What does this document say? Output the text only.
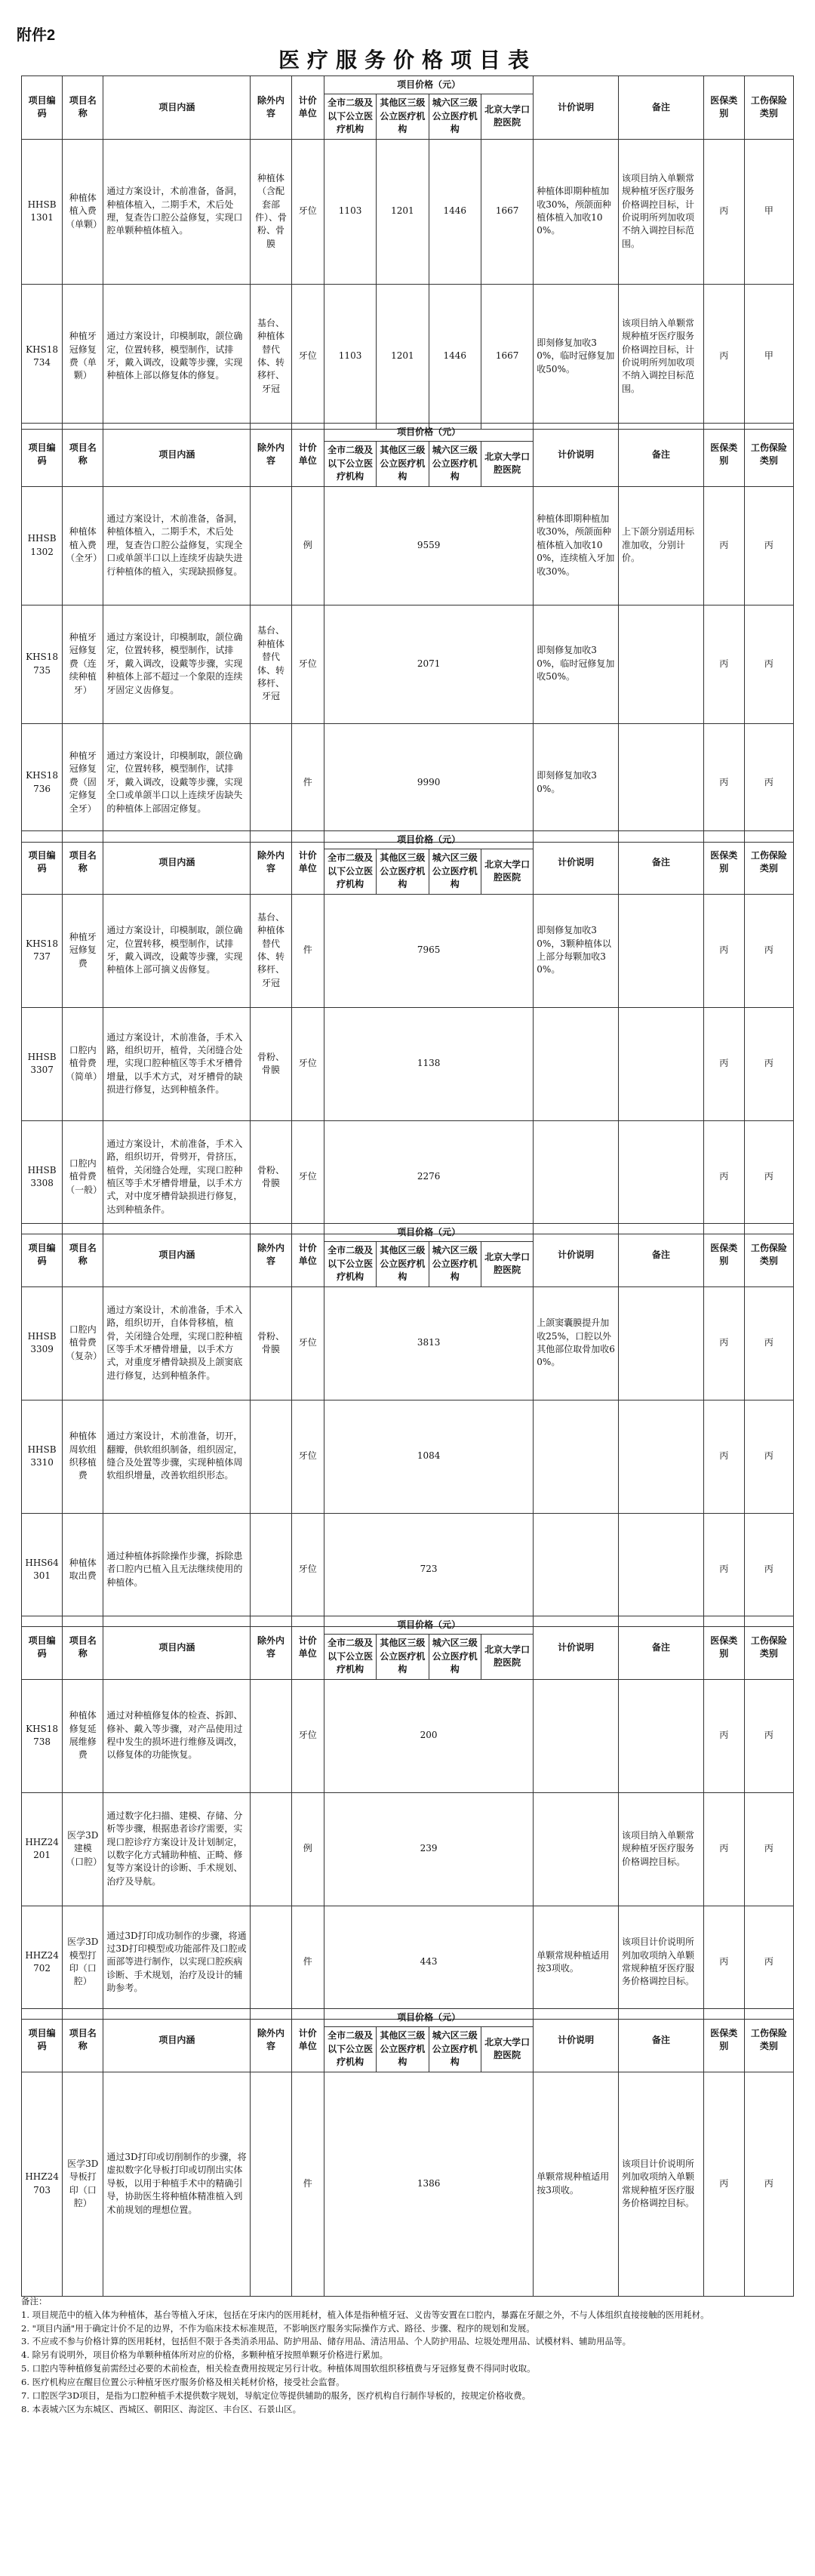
附件2
医疗服务价格项目表
项目编码	项目名称	项目内涵	除外内容	计价单位	项目价格（元）				计价说明	备注	医保类别	工伤保险类别
					全市二级及以下公立医疗机构	其他区三级公立医疗机构	城六区三级公立医疗机构	北京大学口腔医院				
HHSB1301	种植体植入费（单颗）	通过方案设计，术前准备，备洞，种植体植入，二期手术，术后处理，复查告口腔公益修复，实现口腔单颗种植体植入。	种植体（含配套部件）、骨粉、骨膜	牙位	1103	1201	1446	1667	种植体即期种植加收30%，颅颌面种植体植入加收100%。	该项目纳入单颗常规种植牙医疗服务价格调控目标，计价说明所列加收项不纳入调控目标范围。	丙	甲
KHS18734	种植牙冠修复费（单颗）	通过方案设计，印模制取，颌位确定，位置转移，模型制作，试排牙，戴入调改，设戴等步骤，实现种植体上部以修复体的修复。	基台、种植体替代体、转移杆、牙冠	牙位	1103	1201	1446	1667	即刻修复加收30%，临时冠修复加收50%。	该项目纳入单颗常规种植牙医疗服务价格调控目标，计价说明所列加收项不纳入调控目标范围。	丙	甲
项目编码	项目名称	项目内涵	除外内容	计价单位	项目价格（元）				计价说明	备注	医保类别	工伤保险类别
					全市二级及以下公立医疗机构	其他区三级公立医疗机构	城六区三级公立医疗机构	北京大学口腔医院				
HHSB1302	种植体植入费（全牙）	通过方案设计，术前准备，备洞，种植体植入，二期手术，术后处理，复查告口腔公益修复，实现全口或单颌半口以上连续牙齿缺失进行种植体的植入，实现缺损修复。		例	9559				种植体即期种植加收30%，颅颌面种植体植入加收100%，连续植入牙加收30%。	上下颌分别适用标准加收，分别计价。	丙	丙
KHS18735	种植牙冠修复费（连续种植牙）	通过方案设计，印模制取，颌位确定，位置转移，模型制作，试排牙，戴入调改，设戴等步骤，实现种植体上部不超过一个象限的连续牙固定义齿修复。	基台、种植体替代体、转移杆、牙冠	牙位	2071				即刻修复加收30%，临时冠修复加收50%。		丙	丙
KHS18736	种植牙冠修复费（固定修复全牙）	通过方案设计，印模制取，颌位确定，位置转移，模型制作，试排牙，戴入调改，设戴等步骤，实现全口或单颌半口以上连续牙齿缺失的种植体上部固定修复。		件	9990				即刻修复加收30%。		丙	丙
项目编码	项目名称	项目内涵	除外内容	计价单位	项目价格（元）				计价说明	备注	医保类别	工伤保险类别
					全市二级及以下公立医疗机构	其他区三级公立医疗机构	城六区三级公立医疗机构	北京大学口腔医院				
KHS18737	种植牙冠修复费	通过方案设计，印模制取，颌位确定，位置转移，模型制作，试排牙，戴入调改，设戴等步骤，实现种植体上部可摘义齿修复。	基台、种植体替代体、转移杆、牙冠	件	7965				即刻修复加收30%，3颗种植体以上部分每颗加收30%。		丙	丙
HHSB3307	口腔内植骨费（简单）	通过方案设计，术前准备，手术入路，组织切开，植骨，关闭缝合处理，实现口腔种植区等手术牙槽骨增量，以手术方式，对牙槽骨的缺损进行修复，达到种植条件。	骨粉、骨膜	牙位	1138						丙	丙
HHSB3308	口腔内植骨费（一般）	通过方案设计，术前准备，手术入路，组织切开，骨劈开，骨挤压，植骨，关闭缝合处理，实现口腔种植区等手术牙槽骨增量，以手术方式，对中度牙槽骨缺损进行修复，达到种植条件。	骨粉、骨膜	牙位	2276						丙	丙
项目编码	项目名称	项目内涵	除外内容	计价单位	项目价格（元）				计价说明	备注	医保类别	工伤保险类别
					全市二级及以下公立医疗机构	其他区三级公立医疗机构	城六区三级公立医疗机构	北京大学口腔医院				
HHSB3309	口腔内植骨费（复杂）	通过方案设计，术前准备，手术入路，组织切开，自体骨移植，植骨，关闭缝合处理，实现口腔种植区等手术牙槽骨增量，以手术方式，对重度牙槽骨缺损及上颌窦底进行修复，达到种植条件。	骨粉、骨膜	牙位	3813				上颌窦囊膜提升加收25%，口腔以外其他部位取骨加收60%。		丙	丙
HHSB3310	种植体周软组织移植费	通过方案设计，术前准备，切开，翻瓣，供软组织制备，组织固定，缝合及处置等步骤，实现种植体周软组织增量，改善软组织形态。		牙位	1084						丙	丙
HHS64301	种植体取出费	通过种植体拆除操作步骤，拆除患者口腔内已植入且无法继续使用的种植体。		牙位	723						丙	丙
项目编码	项目名称	项目内涵	除外内容	计价单位	项目价格（元）				计价说明	备注	医保类别	工伤保险类别
					全市二级及以下公立医疗机构	其他区三级公立医疗机构	城六区三级公立医疗机构	北京大学口腔医院				
KHS18738	种植体修复延展维修费	通过对种植修复体的检查、拆卸、修补、戴入等步骤，对产品使用过程中发生的损坏进行维修及调改，以修复体的功能恢复。		牙位	200						丙	丙
HHZ24201	医学3D建模（口腔）	通过数字化扫描、建模、存储、分析等步骤，根据患者诊疗需要，实现口腔诊疗方案设计及计划制定，以数字化方式辅助种植、正畸、修复等方案设计的诊断、手术规划、治疗及导航。		例	239					该项目纳入单颗常规种植牙医疗服务价格调控目标。	丙	丙
HHZ24702	医学3D模型打印（口腔）	通过3D打印成功制作的步骤，将通过3D打印模型或功能部件及口腔或面部等进行制作，以实现口腔疾病诊断、手术规划，治疗及设计的辅助参考。		件	443				单颗常规种植适用按3项收。	该项目计价说明所列加收项纳入单颗常规种植牙医疗服务价格调控目标。	丙	丙
项目编码	项目名称	项目内涵	除外内容	计价单位	项目价格（元）				计价说明	备注	医保类别	工伤保险类别
					全市二级及以下公立医疗机构	其他区三级公立医疗机构	城六区三级公立医疗机构	北京大学口腔医院				
HHZ24703	医学3D导板打印（口腔）	通过3D打印或切削制作的步骤，将虚拟数字化导板打印或切削出实体导板，以用于种植手术中的精确引导，协助医生将种植体精准植入到术前规划的理想位置。		件	1386				单颗常规种植适用按3项收。	该项目计价说明所列加收项纳入单颗常规种植牙医疗服务价格调控目标。	丙	丙

备注：

1. 项目规范中的植入体为种植体，基台等植入牙床，包括在牙床内的医用耗材，植入体是指种植牙冠、义齿等安置在口腔内，暴露在牙龈之外，不与人体组织直接接触的医用耗材。

2. "项目内涵"用于确定计价不足的边界，不作为临床技术标准规范，不影响医疗服务实际操作方式、路径、步骤、程序的规划和发展。

3. 不应或不参与价格计算的医用耗材，包括但不限于各类消杀用品、防护用品、储存用品、清洁用品、个人防护用品、垃圾处理用品、试模材料、辅助用品等。

4. 除另有说明外，项目价格为单颗种植体所对应的价格，多颗种植牙按照单颗牙价格进行累加。

5. 口腔内等种植修复前需经过必要的术前检查，相关检查费用按规定另行计收。种植体周围软组织移植费与牙冠修复费不得同时收取。

6. 医疗机构应在醒目位置公示种植牙医疗服务价格及相关耗材价格，接受社会监督。

7. 口腔医学3D项目，是指为口腔种植手术提供数字规划，导航定位等提供辅助的服务，医疗机构自行制作导板的，按规定价格收费。

8. 本表城六区为东城区、西城区、朝阳区、海淀区、丰台区、石景山区。
